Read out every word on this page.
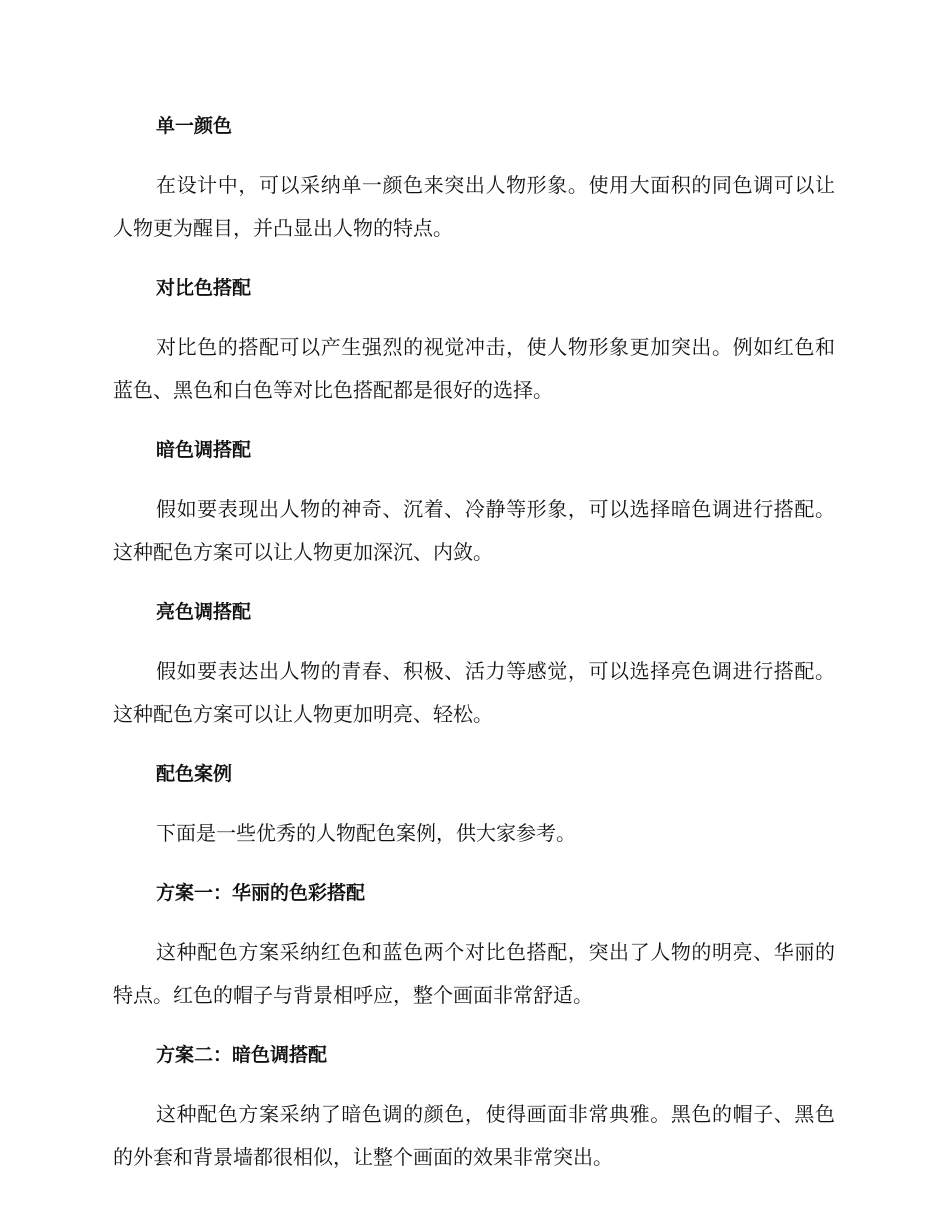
单一颜色

在设计中，可以采纳单一颜色来突出人物形象。使用大面积的同色调可以让人物更为醒目，并凸显出人物的特点。

对比色搭配

对比色的搭配可以产生强烈的视觉冲击，使人物形象更加突出。例如红色和蓝色、黑色和白色等对比色搭配都是很好的选择。

暗色调搭配

假如要表现出人物的神奇、沉着、冷静等形象，可以选择暗色调进行搭配。这种配色方案可以让人物更加深沉、内敛。

亮色调搭配

假如要表达出人物的青春、积极、活力等感觉，可以选择亮色调进行搭配。这种配色方案可以让人物更加明亮、轻松。

配色案例

下面是一些优秀的人物配色案例，供大家参考。

方案一：华丽的色彩搭配

这种配色方案采纳红色和蓝色两个对比色搭配，突出了人物的明亮、华丽的特点。红色的帽子与背景相呼应，整个画面非常舒适。

方案二：暗色调搭配

这种配色方案采纳了暗色调的颜色，使得画面非常典雅。黑色的帽子、黑色的外套和背景墙都很相似，让整个画面的效果非常突出。
